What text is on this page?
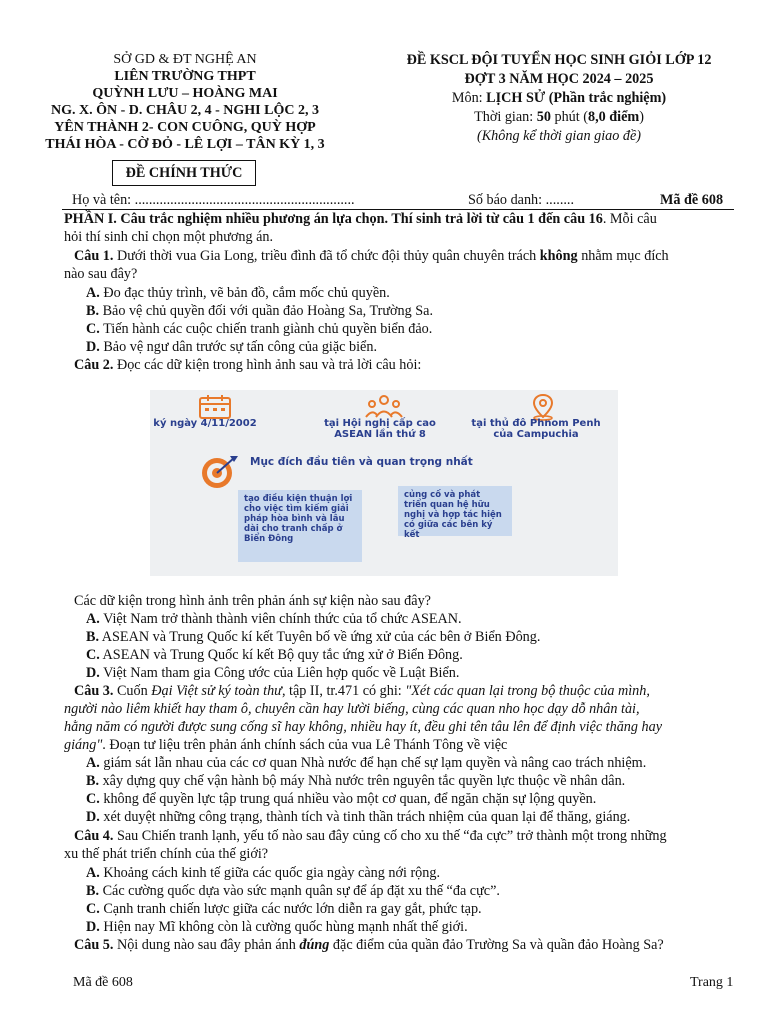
SỞ GD & ĐT NGHỆ AN
LIÊN TRƯỜNG THPT
QUỲNH LƯU – HOÀNG MAI
NG. X. ÔN - D. CHÂU 2, 4 - NGHI LỘC 2, 3
YÊN THÀNH 2- CON CUÔNG, QUỲ HỢP
THÁI HÒA - CỜ ĐỎ - LÊ LỢI – TÂN KỲ 1, 3
ĐỀ CHÍNH THỨC
ĐỀ KSCL ĐỘI TUYỂN HỌC SINH GIỎI LỚP 12
ĐỢT 3 NĂM HỌC 2024 – 2025
Môn: LỊCH SỬ (Phần trắc nghiệm)
Thời gian: 50 phút (8,0 điểm)
(Không kể thời gian giao đề)
Họ và tên: ..............................................................	Số báo danh: ........	Mã đề 608
PHẦN I. Câu trắc nghiệm nhiều phương án lựa chọn. Thí sinh trả lời từ câu 1 đến câu 16. Mỗi câu
hỏi thí sinh chỉ chọn một phương án.
Câu 1. Dưới thời vua Gia Long, triều đình đã tổ chức đội thủy quân chuyên trách không nhằm mục đích
nào sau đây?
A. Đo đạc thủy trình, vẽ bản đồ, cắm mốc chủ quyền.
B. Bảo vệ chủ quyền đối với quần đảo Hoàng Sa, Trường Sa.
C. Tiến hành các cuộc chiến tranh giành chủ quyền biển đảo.
D. Bảo vệ ngư dân trước sự tấn công của giặc biển.
Câu 2. Đọc các dữ kiện trong hình ảnh sau và trả lời câu hỏi:
ký ngày 4/11/2002	tại Hội nghị cấp cao ASEAN lần thứ 8
tại thủ đô Phnom Penh của Campuchia
Mục đích đầu tiên và quan trọng nhất
tạo điều kiện thuận lợi cho việc tìm kiếm giải pháp hòa bình và lâu dài cho tranh chấp ở Biển Đông
củng cố và phát triển quan hệ hữu nghị và hợp tác hiện có giữa các bên ký kết
Các dữ kiện trong hình ảnh trên phản ánh sự kiện nào sau đây?
A. Việt Nam trở thành thành viên chính thức của tổ chức ASEAN.
B. ASEAN và Trung Quốc kí kết Tuyên bố về ứng xử của các bên ở Biển Đông.
C. ASEAN và Trung Quốc kí kết Bộ quy tắc ứng xử ở Biển Đông.
D. Việt Nam tham gia Công ước của Liên hợp quốc về Luật Biển.
Câu 3. Cuốn Đại Việt sử ký toàn thư, tập II, tr.471 có ghi: "Xét các quan lại trong bộ thuộc của mình,
người nào liêm khiết hay tham ô, chuyên cần hay lười biếng, cùng các quan nho học dạy dỗ nhân tài,
hằng năm có người được sung cống sĩ hay không, nhiều hay ít, đều ghi tên tâu lên để định việc thăng hay
giáng". Đoạn tư liệu trên phản ánh chính sách của vua Lê Thánh Tông về việc
A. giám sát lẫn nhau của các cơ quan Nhà nước để hạn chế sự lạm quyền và nâng cao trách nhiệm.
B. xây dựng quy chế vận hành bộ máy Nhà nước trên nguyên tắc quyền lực thuộc về nhân dân.
C. không để quyền lực tập trung quá nhiều vào một cơ quan, để ngăn chặn sự lộng quyền.
D. xét duyệt những công trạng, thành tích và tinh thần trách nhiệm của quan lại để thăng, giáng.
Câu 4. Sau Chiến tranh lạnh, yếu tố nào sau đây củng cố cho xu thế “đa cực” trở thành một trong những
xu thế phát triển chính của thế giới?
A. Khoảng cách kinh tế giữa các quốc gia ngày càng nới rộng.
B. Các cường quốc dựa vào sức mạnh quân sự để áp đặt xu thế “đa cực”.
C. Cạnh tranh chiến lược giữa các nước lớn diễn ra gay gắt, phức tạp.
D. Hiện nay Mĩ không còn là cường quốc hùng mạnh nhất thế giới.
Câu 5. Nội dung nào sau đây phản ánh đúng đặc điểm của quần đảo Trường Sa và quần đảo Hoàng Sa?
Mã đề 608	Trang 1
